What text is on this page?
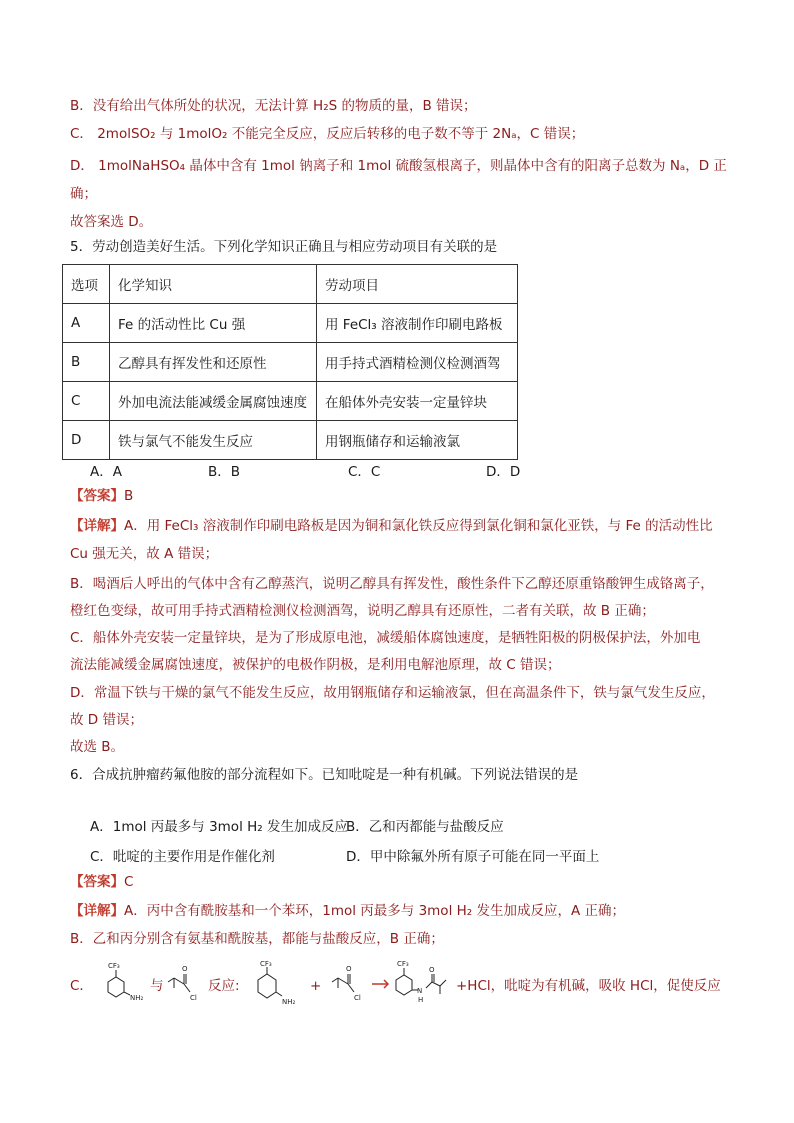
B．没有给出气体所处的状况，无法计算 H₂S 的物质的量，B 错误；
C． 2molSO₂ 与 1molO₂ 不能完全反应，反应后转移的电子数不等于 2Nₐ，C 错误；
D． 1molNaHSO₄ 晶体中含有 1mol 钠离子和 1mol 硫酸氢根离子，则晶体中含有的阳离子总数为 Nₐ，D 正
确；
故答案选 D。
5．劳动创造美好生活。下列化学知识正确且与相应劳动项目有关联的是
选项	化学知识	劳动项目
A	Fe 的活动性比 Cu 强	用 FeCl₃ 溶液制作印刷电路板
B	乙醇具有挥发性和还原性	用手持式酒精检测仪检测酒驾
C	外加电流法能减缓金属腐蚀速度	在船体外壳安装一定量锌块
D	铁与氯气不能发生反应	用钢瓶储存和运输液氯
A．A	B．B	C．C	D．D
【答案】B
【详解】A．用 FeCl₃ 溶液制作印刷电路板是因为铜和氯化铁反应得到氯化铜和氯化亚铁，与 Fe 的活动性比
Cu 强无关，故 A 错误；
B．喝酒后人呼出的气体中含有乙醇蒸汽，说明乙醇具有挥发性，酸性条件下乙醇还原重铬酸钾生成铬离子，
橙红色变绿，故可用手持式酒精检测仪检测酒驾，说明乙醇具有还原性，二者有关联，故 B 正确；
C．船体外壳安装一定量锌块，是为了形成原电池，减缓船体腐蚀速度，是牺牲阳极的阴极保护法，外加电
流法能减缓金属腐蚀速度，被保护的电极作阴极，是利用电解池原理，故 C 错误；
D．常温下铁与干燥的氯气不能发生反应，故用钢瓶储存和运输液氯，但在高温条件下，铁与氯气发生反应，
故 D 错误；
故选 B。
6．合成抗肿瘤药氟他胺的部分流程如下。已知吡啶是一种有机碱。下列说法错误的是
A．1mol 丙最多与 3mol H₂ 发生加成反应
B．乙和丙都能与盐酸反应
C．吡啶的主要作用是作催化剂	D．甲中除氟外所有原子可能在同一平面上
【答案】C
【详解】A．丙中含有酰胺基和一个苯环，1mol 丙最多与 3mol H₂ 发生加成反应，A 正确；
B．乙和丙分别含有氨基和酰胺基，都能与盐酸反应，B 正确；
C．
CF₃
NH₂
与
O
Cl
反应:
CF₃
NH₂
+
O
Cl
CF₃
N
H
O
+HCl，吡啶为有机碱，吸收 HCl，促使反应
